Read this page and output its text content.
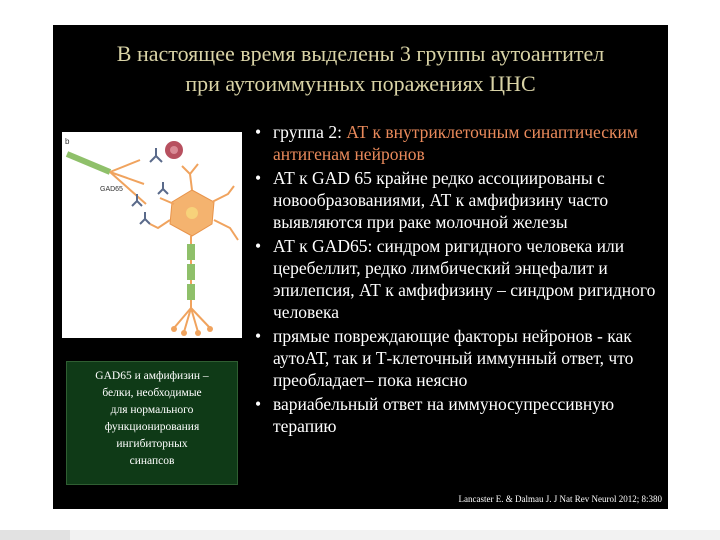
В настоящее время выделены 3 группы аутоантител
при аутоиммунных поражениях ЦНС
b
GAD65
GAD65 и амфифизин –
белки, необходимые
для нормального
функционирования
ингибиторных
синапсов
• группа 2: АТ к внутриклеточным синаптическим антигенам нейронов
• АТ к GAD 65 крайне редко ассоциированы с новообразованиями, АТ к амфифизину часто выявляются при раке молочной железы
• АТ к GAD65: синдром ригидного человека или церебеллит, редко лимбический энцефалит и эпилепсия, АТ к амфифизину – синдром ригидного человека
• прямые повреждающие факторы нейронов - как аутоАТ, так и Т-клеточный иммунный ответ, что преобладает– пока неясно
• вариабельный ответ на иммуносупрессивную терапию
Lancaster E. & Dalmau J. J Nat Rev Neurol 2012; 8:380
